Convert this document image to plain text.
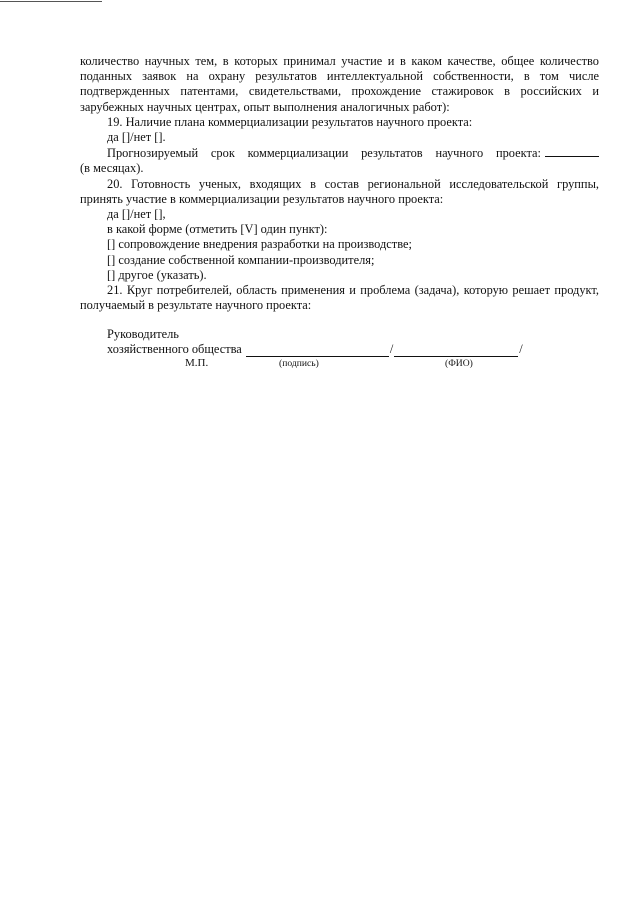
количество научных тем, в которых принимал участие и в каком качестве, общее количество поданных заявок на охрану результатов интеллектуальной собственности, в том числе подтвержденных патентами, свидетельствами, прохождение стажировок в российских и зарубежных научных центрах, опыт выполнения аналогичных работ):

19. Наличие плана коммерциализации результатов научного проекта:

да []/нет [].

Прогнозируемый срок коммерциализации результатов научного проекта:

(в месяцах).

20. Готовность ученых, входящих в состав региональной исследовательской группы, принять участие в коммерциализации результатов научного проекта:

да []/нет [],

в какой форме (отметить [V] один пункт):

[] сопровождение внедрения разработки на производстве;

[] создание собственной компании-производителя;

[] другое (указать).

21. Круг потребителей, область применения и проблема (задача), которую решает продукт, получаемый в результате научного проекта:

Руководитель
хозяйственного общества	/	/
М.П.	(подпись)	(ФИО)
